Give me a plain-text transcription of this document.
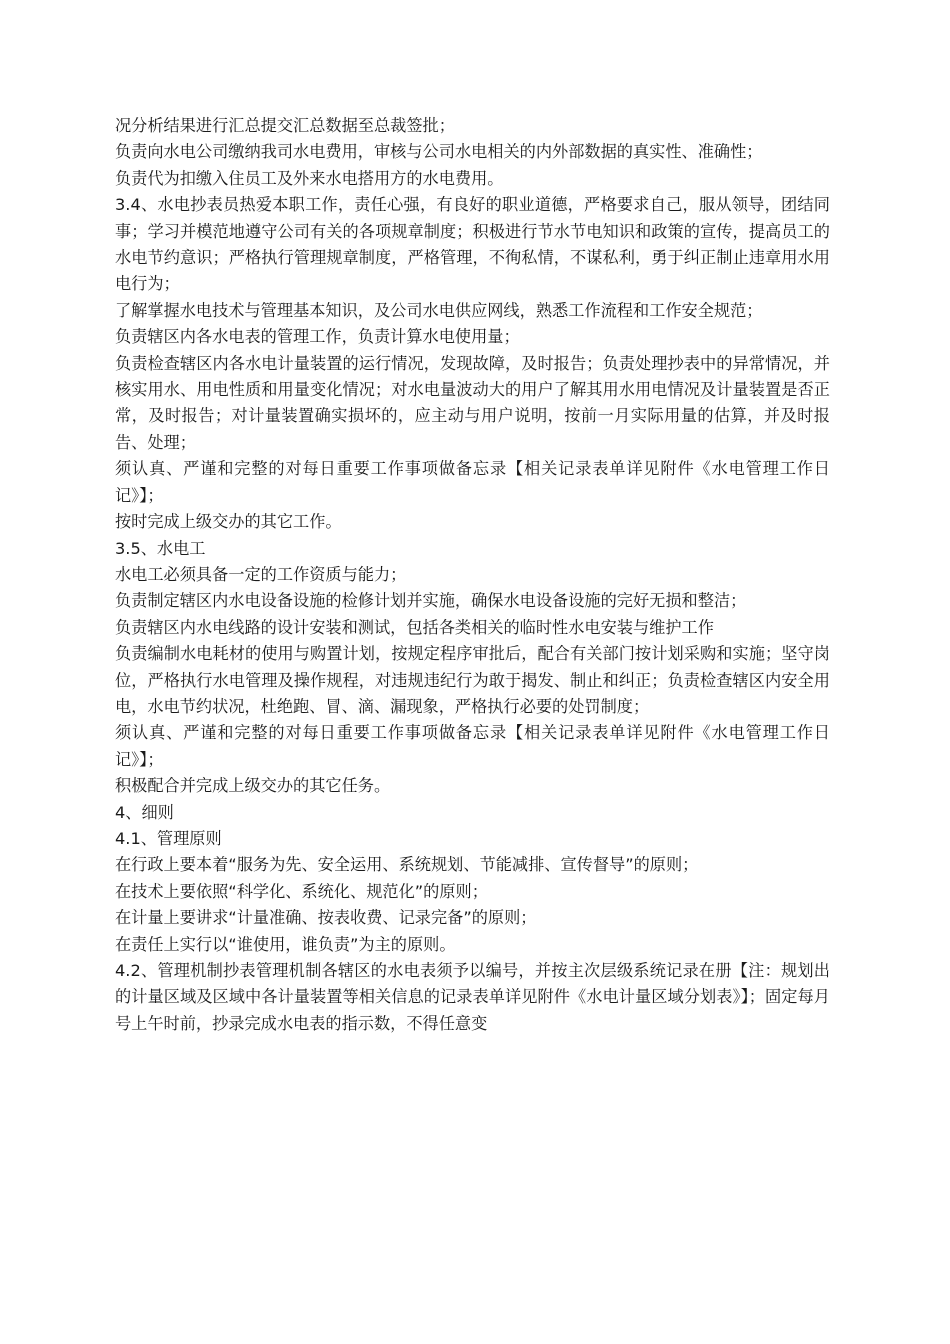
况分析结果进行汇总提交汇总数据至总裁签批；

负责向水电公司缴纳我司水电费用，审核与公司水电相关的内外部数据的真实性、准确性；

负责代为扣缴入住员工及外来水电搭用方的水电费用。

3.4、水电抄表员热爱本职工作，责任心强，有良好的职业道德，严格要求自己，服从领导，团结同事；学习并模范地遵守公司有关的各项规章制度；积极进行节水节电知识和政策的宣传，提高员工的水电节约意识；严格执行管理规章制度，严格管理，不徇私情，不谋私利，勇于纠正制止违章用水用电行为；

了解掌握水电技术与管理基本知识，及公司水电供应网线，熟悉工作流程和工作安全规范；

负责辖区内各水电表的管理工作，负责计算水电使用量；

负责检查辖区内各水电计量装置的运行情况，发现故障，及时报告；负责处理抄表中的异常情况，并核实用水、用电性质和用量变化情况；对水电量波动大的用户了解其用水用电情况及计量装置是否正常，及时报告；对计量装置确实损坏的，应主动与用户说明，按前一月实际用量的估算，并及时报告、处理；

须认真、严谨和完整的对每日重要工作事项做备忘录【相关记录表单详见附件《水电管理工作日记》】；

按时完成上级交办的其它工作。

3.5、水电工

水电工必须具备一定的工作资质与能力；

负责制定辖区内水电设备设施的检修计划并实施，确保水电设备设施的完好无损和整洁；

负责辖区内水电线路的设计安装和测试，包括各类相关的临时性水电安装与维护工作

负责编制水电耗材的使用与购置计划，按规定程序审批后，配合有关部门按计划采购和实施；坚守岗位，严格执行水电管理及操作规程，对违规违纪行为敢于揭发、制止和纠正；负责检查辖区内安全用电，水电节约状况，杜绝跑、冒、滴、漏现象，严格执行必要的处罚制度；

须认真、严谨和完整的对每日重要工作事项做备忘录【相关记录表单详见附件《水电管理工作日记》】；

积极配合并完成上级交办的其它任务。

4、细则

4.1、管理原则

在行政上要本着“服务为先、安全运用、系统规划、节能减排、宣传督导”的原则；

在技术上要依照“科学化、系统化、规范化”的原则；

在计量上要讲求“计量准确、按表收费、记录完备”的原则；

在责任上实行以“谁使用，谁负责”为主的原则。

4.2、管理机制抄表管理机制各辖区的水电表须予以编号，并按主次层级系统记录在册【注：规划出的计量区域及区域中各计量装置等相关信息的记录表单详见附件《水电计量区域分划表》】；固定每月号上午时前，抄录完成水电表的指示数，不得任意变
